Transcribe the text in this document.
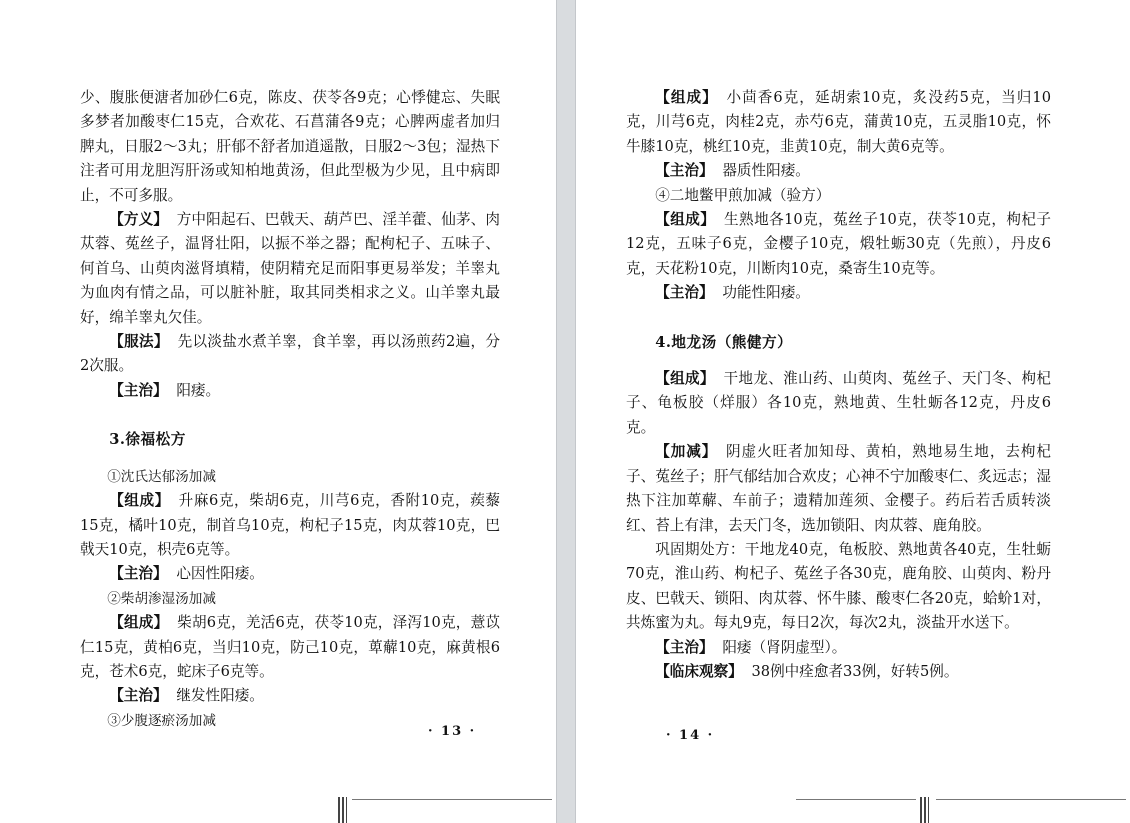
少、腹胀便溏者加砂仁6克，陈皮、茯苓各9克；心悸健忘、失眠多梦者加酸枣仁15克，合欢花、石菖蒲各9克；心脾两虚者加归脾丸，日服2～3丸；肝郁不舒者加逍遥散，日服2～3包；湿热下注者可用龙胆泻肝汤或知柏地黄汤，但此型极为少见，且中病即止，不可多服。

【方义】 方中阳起石、巴戟天、葫芦巴、淫羊藿、仙茅、肉苁蓉、菟丝子，温肾壮阳，以振不举之器；配枸杞子、五味子、何首乌、山萸肉滋肾填精，使阴精充足而阳事更易举发；羊睾丸为血肉有情之品，可以脏补脏，取其同类相求之义。山羊睾丸最好，绵羊睾丸欠佳。

【服法】 先以淡盐水煮羊睾，食羊睾，再以汤煎药2遍，分2次服。

【主治】 阳痿。

3.徐福松方

①沈氏达郁汤加减

【组成】 升麻6克，柴胡6克，川芎6克，香附10克，蒺藜15克，橘叶10克，制首乌10克，枸杞子15克，肉苁蓉10克，巴戟天10克，枳壳6克等。

【主治】 心因性阳痿。

②柴胡渗湿汤加减

【组成】 柴胡6克，羌活6克，茯苓10克，泽泻10克，薏苡仁15克，黄柏6克，当归10克，防己10克，萆薢10克，麻黄根6克，苍术6克，蛇床子6克等。

【主治】 继发性阳痿。

③少腹逐瘀汤加减

· 13 ·

【组成】 小茴香6克，延胡索10克，炙没药5克，当归10克，川芎6克，肉桂2克，赤芍6克，蒲黄10克，五灵脂10克，怀牛膝10克，桃红10克，韭黄10克，制大黄6克等。

【主治】 器质性阳痿。

④二地鳖甲煎加减（验方）

【组成】 生熟地各10克，菟丝子10克，茯苓10克，枸杞子12克，五味子6克，金樱子10克，煅牡蛎30克（先煎），丹皮6克，天花粉10克，川断肉10克，桑寄生10克等。

【主治】 功能性阳痿。

4.地龙汤（熊健方）

【组成】 干地龙、淮山药、山萸肉、菟丝子、天门冬、枸杞子、龟板胶（烊服）各10克，熟地黄、生牡蛎各12克，丹皮6克。

【加减】 阴虚火旺者加知母、黄柏，熟地易生地，去枸杞子、菟丝子；肝气郁结加合欢皮；心神不宁加酸枣仁、炙远志；湿热下注加萆薢、车前子；遗精加莲须、金樱子。药后若舌质转淡红、苔上有津，去天门冬，选加锁阳、肉苁蓉、鹿角胶。

巩固期处方：干地龙40克，龟板胶、熟地黄各40克，生牡蛎70克，淮山药、枸杞子、菟丝子各30克，鹿角胶、山萸肉、粉丹皮、巴戟天、锁阳、肉苁蓉、怀牛膝、酸枣仁各20克，蛤蚧1对，共炼蜜为丸。每丸9克，每日2次，每次2丸，淡盐开水送下。

【主治】 阳痿（肾阴虚型）。

【临床观察】 38例中痊愈者33例，好转5例。

· 14 ·
